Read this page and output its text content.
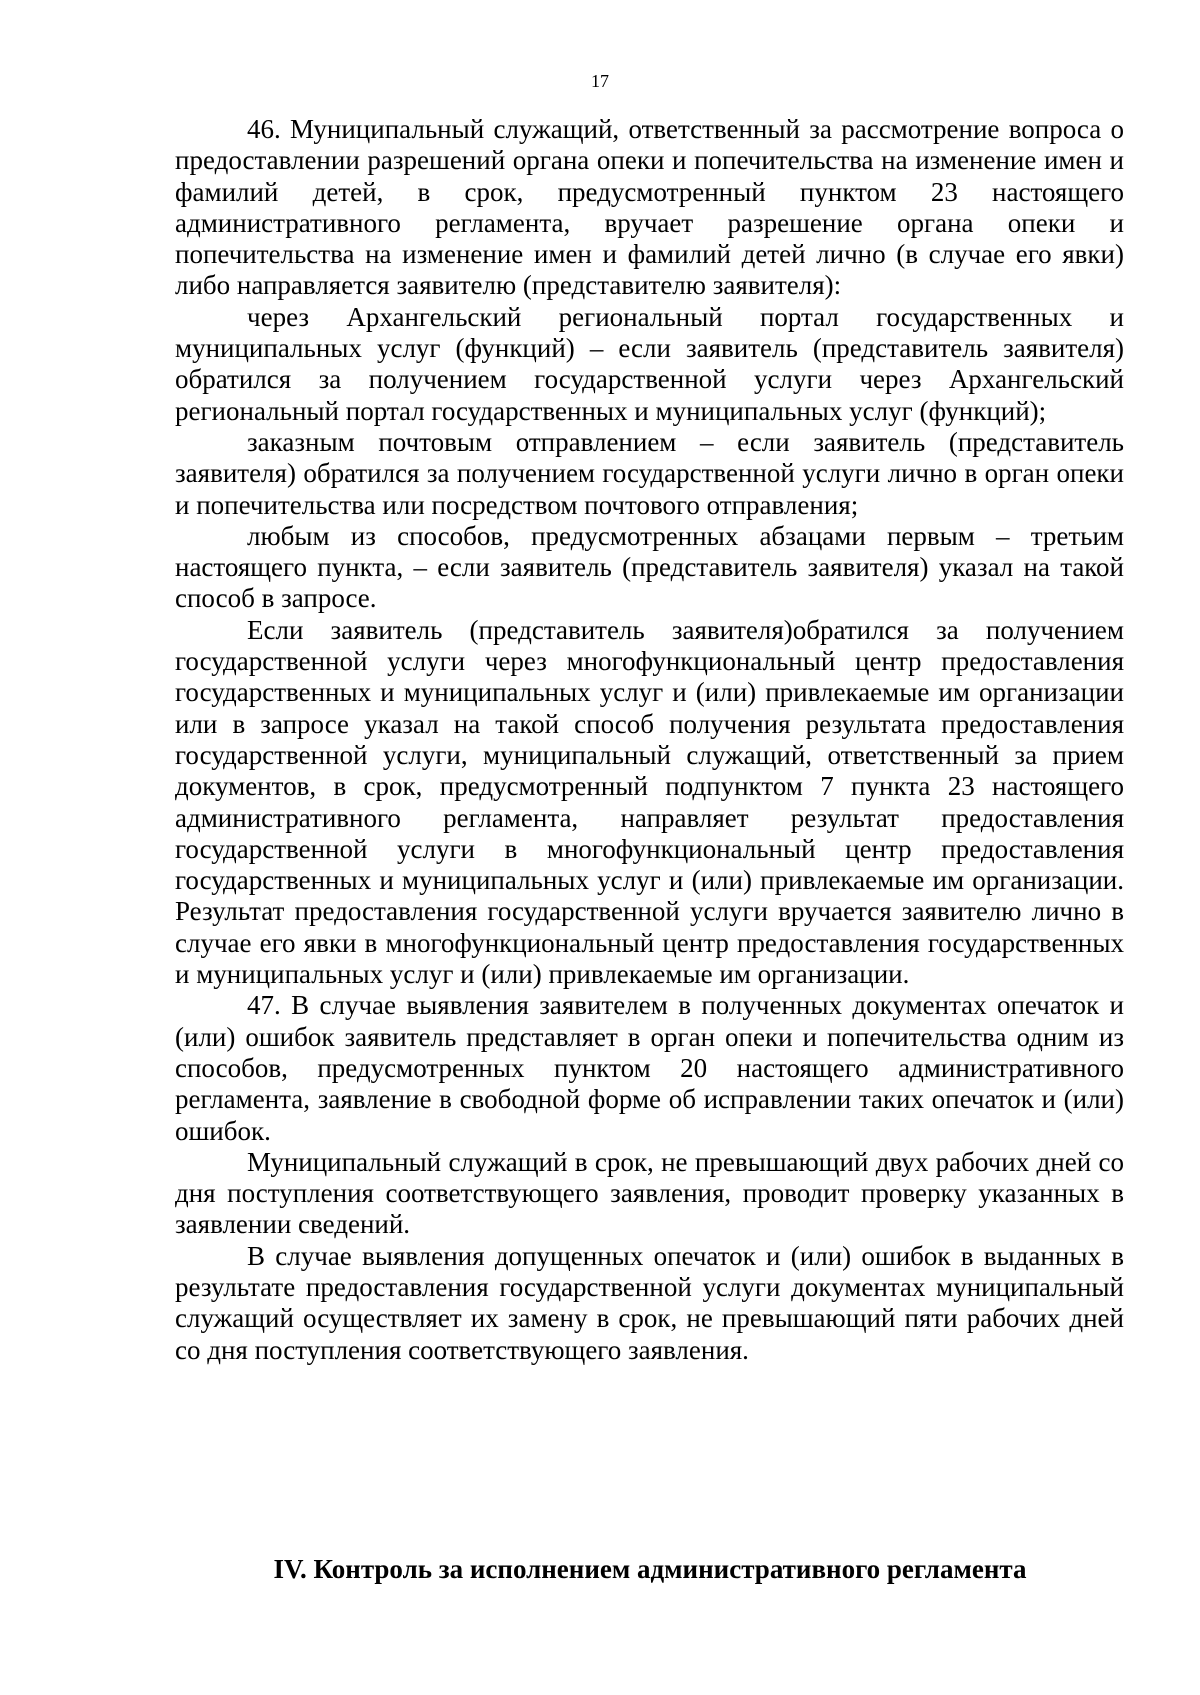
17

46. Муниципальный служащий, ответственный за рассмотрение вопроса о предоставлении разрешений органа опеки и попечительства на изменение имен и фамилий детей, в срок, предусмотренный пунктом 23 настоящего административного регламента, вручает разрешение органа опеки и попечительства на изменение имен и фамилий детей лично (в случае его явки) либо направляется заявителю (представителю заявителя):

через Архангельский региональный портал государственных и муниципальных услуг (функций) – если заявитель (представитель заявителя) обратился за получением государственной услуги через Архангельский региональный портал государственных и муниципальных услуг (функций);

заказным почтовым отправлением – если заявитель (представитель заявителя) обратился за получением государственной услуги лично в орган опеки и попечительства или посредством почтового отправления;

любым из способов, предусмотренных абзацами первым – третьим настоящего пункта, – если заявитель (представитель заявителя) указал на такой способ в запросе.

Если заявитель (представитель заявителя)обратился за получением государственной услуги через многофункциональный центр предоставления государственных и муниципальных услуг и (или) привлекаемые им организации или в запросе указал на такой способ получения результата предоставления государственной услуги, муниципальный служащий, ответственный за прием документов, в срок, предусмотренный подпунктом 7 пункта 23 настоящего административного регламента, направляет результат предоставления государственной услуги в многофункциональный центр предоставления государственных и муниципальных услуг и (или) привлекаемые им организации. Результат предоставления государственной услуги вручается заявителю лично в случае его явки в многофункциональный центр предоставления государственных и муниципальных услуг и (или) привлекаемые им организации.

47. В случае выявления заявителем в полученных документах опечаток и (или) ошибок заявитель представляет в орган опеки и попечительства одним из способов, предусмотренных пунктом 20 настоящего административного регламента, заявление в свободной форме об исправлении таких опечаток и (или) ошибок.

Муниципальный служащий в срок, не превышающий двух рабочих дней со дня поступления соответствующего заявления, проводит проверку указанных в заявлении сведений.

В случае выявления допущенных опечаток и (или) ошибок в выданных в результате предоставления государственной услуги документах муниципальный служащий осуществляет их замену в срок, не превышающий пяти рабочих дней со дня поступления соответствующего заявления.

IV. Контроль за исполнением административного регламента
